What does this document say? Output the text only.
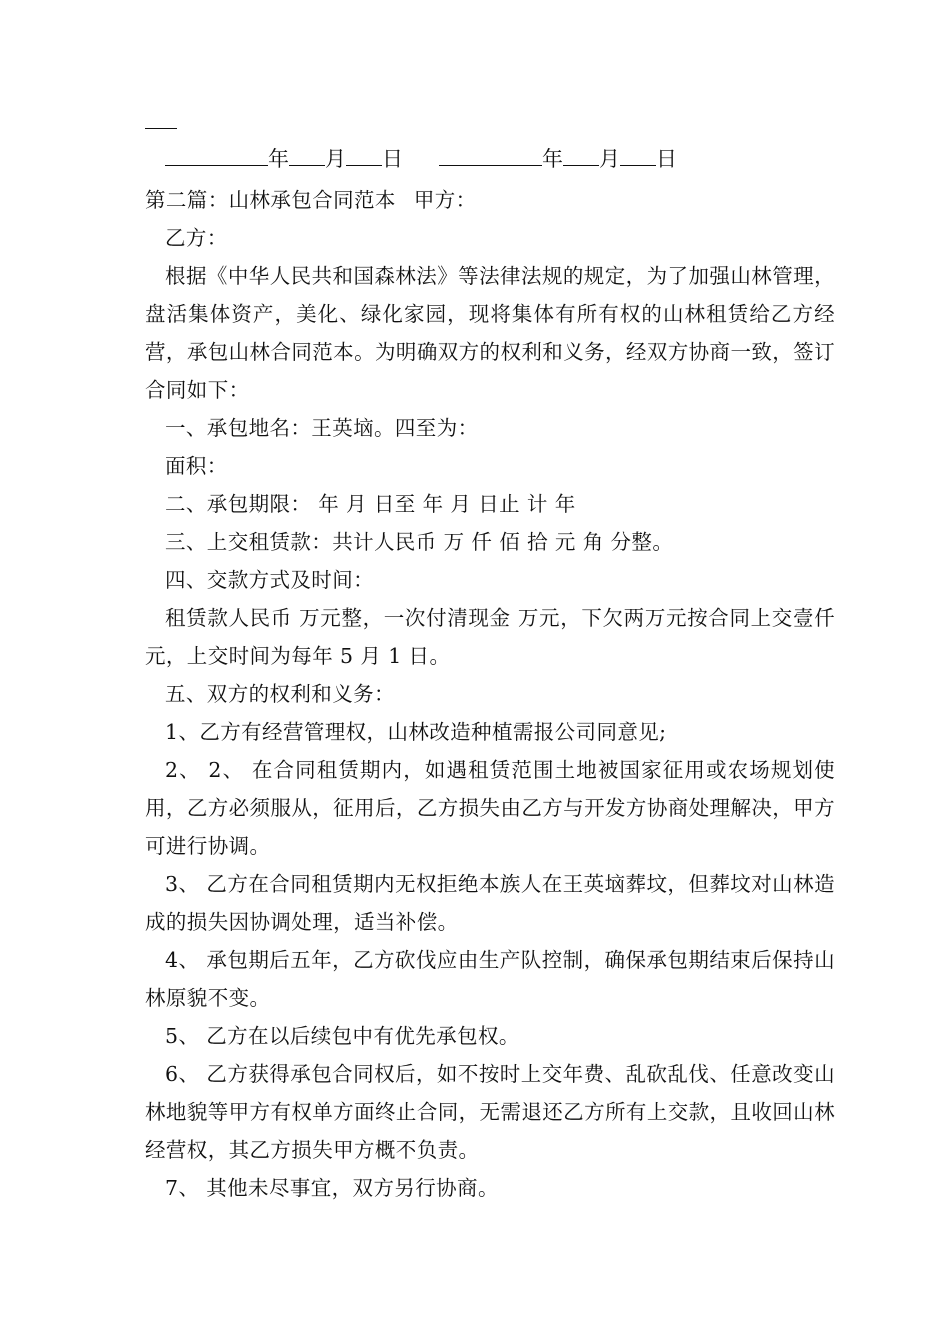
年 月 日	年 月 日

第二篇：山林承包合同范本 甲方：

乙方：

根据《中华人民共和国森林法》等法律法规的规定，为了加强山林管理，盘活集体资产，美化、绿化家园，现将集体有所有权的山林租赁给乙方经营，承包山林合同范本。为明确双方的权利和义务，经双方协商一致，签订合同如下：

一、承包地名：王英垴。四至为：

面积：

二、承包期限： 年 月 日至 年 月 日止 计 年

三、上交租赁款：共计人民币 万 仟 佰 拾 元 角 分整。

四、交款方式及时间：

租赁款人民币 万元整，一次付清现金 万元，下欠两万元按合同上交壹仟元，上交时间为每年 5 月 1 日。

五、双方的权利和义务：

1、乙方有经营管理权，山林改造种植需报公司同意见;

2、 2、 在合同租赁期内，如遇租赁范围土地被国家征用或农场规划使用，乙方必须服从，征用后，乙方损失由乙方与开发方协商处理解决，甲方可进行协调。

3、 乙方在合同租赁期内无权拒绝本族人在王英垴葬坟，但葬坟对山林造成的损失因协调处理，适当补偿。

4、 承包期后五年，乙方砍伐应由生产队控制，确保承包期结束后保持山林原貌不变。

5、 乙方在以后续包中有优先承包权。

6、 乙方获得承包合同权后，如不按时上交年费、乱砍乱伐、任意改变山林地貌等甲方有权单方面终止合同，无需退还乙方所有上交款，且收回山林经营权，其乙方损失甲方概不负责。

7、 其他未尽事宜，双方另行协商。
